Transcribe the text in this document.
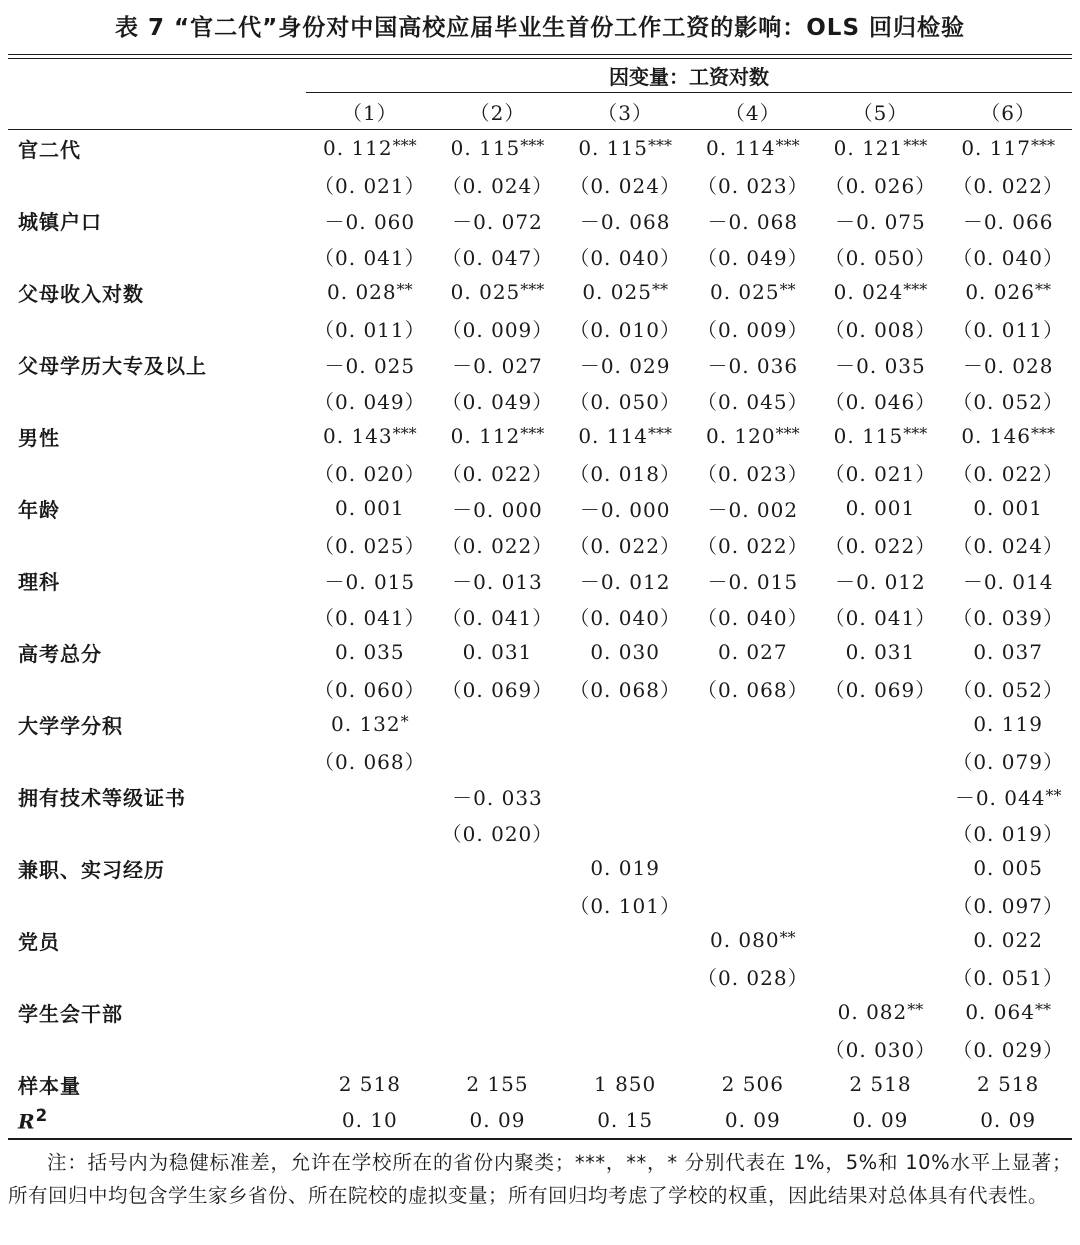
表 7 “官二代”身份对中国高校应届毕业生首份工作工资的影响：OLS 回归检验
	因变量：工资对数					
	（1）	（2）	（3）	（4）	（5）	（6）
官二代	0. 112***	0. 115***	0. 115***	0. 114***	0. 121***	0. 117***
	（0. 021）	（0. 024）	（0. 024）	（0. 023）	（0. 026）	（0. 022）
城镇户口	－0. 060	－0. 072	－0. 068	－0. 068	－0. 075	－0. 066
	（0. 041）	（0. 047）	（0. 040）	（0. 049）	（0. 050）	（0. 040）
父母收入对数	0. 028**	0. 025***	0. 025**	0. 025**	0. 024***	0. 026**
	（0. 011）	（0. 009）	（0. 010）	（0. 009）	（0. 008）	（0. 011）
父母学历大专及以上	－0. 025	－0. 027	－0. 029	－0. 036	－0. 035	－0. 028
	（0. 049）	（0. 049）	（0. 050）	（0. 045）	（0. 046）	（0. 052）
男性	0. 143***	0. 112***	0. 114***	0. 120***	0. 115***	0. 146***
	（0. 020）	（0. 022）	（0. 018）	（0. 023）	（0. 021）	（0. 022）
年龄	0. 001	－0. 000	－0. 000	－0. 002	0. 001	0. 001
	（0. 025）	（0. 022）	（0. 022）	（0. 022）	（0. 022）	（0. 024）
理科	－0. 015	－0. 013	－0. 012	－0. 015	－0. 012	－0. 014
	（0. 041）	（0. 041）	（0. 040）	（0. 040）	（0. 041）	（0. 039）
高考总分	0. 035	0. 031	0. 030	0. 027	0. 031	0. 037
	（0. 060）	（0. 069）	（0. 068）	（0. 068）	（0. 069）	（0. 052）
大学学分积	0. 132*					0. 119
	（0. 068）					（0. 079）
拥有技术等级证书		－0. 033				－0. 044**
		（0. 020）				（0. 019）
兼职、实习经历			0. 019			0. 005
			（0. 101）			（0. 097）
党员				0. 080**		0. 022
				（0. 028）		（0. 051）
学生会干部					0. 082**	0. 064**
					（0. 030）	（0. 029）
样本量	2 518	2 155	1 850	2 506	2 518	2 518
$R^2$	0. 10	0. 09	0. 15	0. 09	0. 09	0. 09
注：括号内为稳健标准差，允许在学校所在的省份内聚类；***，**，* 分别代表在 1%，5%和 10%水平上显著；所有回归中均包含学生家乡省份、所在院校的虚拟变量；所有回归均考虑了学校的权重，因此结果对总体具有代表性。
